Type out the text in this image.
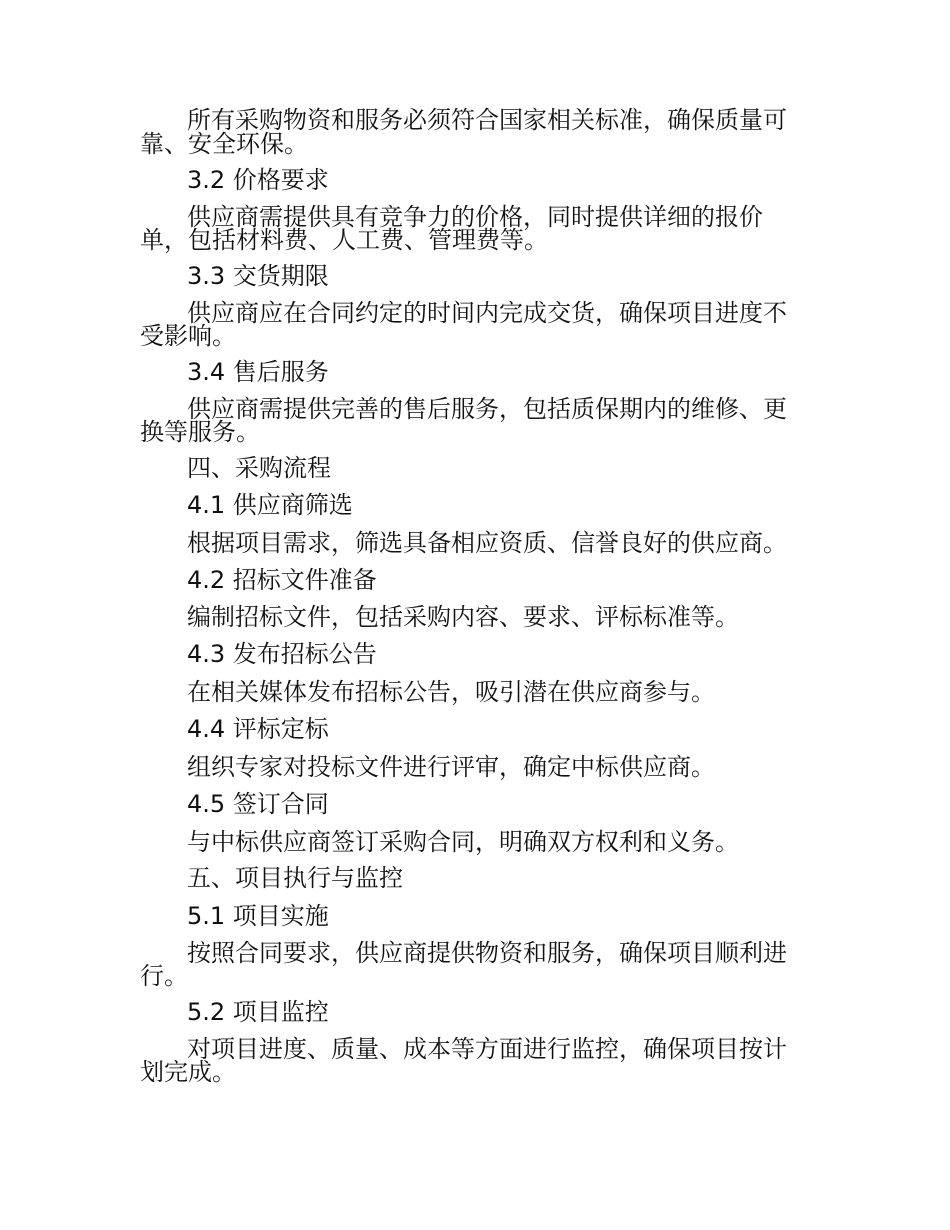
所有采购物资和服务必须符合国家相关标准，确保质量可
靠、安全环保。
3.2 价格要求
供应商需提供具有竞争力的价格，同时提供详细的报价
单，包括材料费、人工费、管理费等。
3.3 交货期限
供应商应在合同约定的时间内完成交货，确保项目进度不
受影响。
3.4 售后服务
供应商需提供完善的售后服务，包括质保期内的维修、更
换等服务。
四、采购流程
4.1 供应商筛选
根据项目需求，筛选具备相应资质、信誉良好的供应商。
4.2 招标文件准备
编制招标文件，包括采购内容、要求、评标标准等。
4.3 发布招标公告
在相关媒体发布招标公告，吸引潜在供应商参与。
4.4 评标定标
组织专家对投标文件进行评审，确定中标供应商。
4.5 签订合同
与中标供应商签订采购合同，明确双方权利和义务。
五、项目执行与监控
5.1 项目实施
按照合同要求，供应商提供物资和服务，确保项目顺利进
行。
5.2 项目监控
对项目进度、质量、成本等方面进行监控，确保项目按计
划完成。
